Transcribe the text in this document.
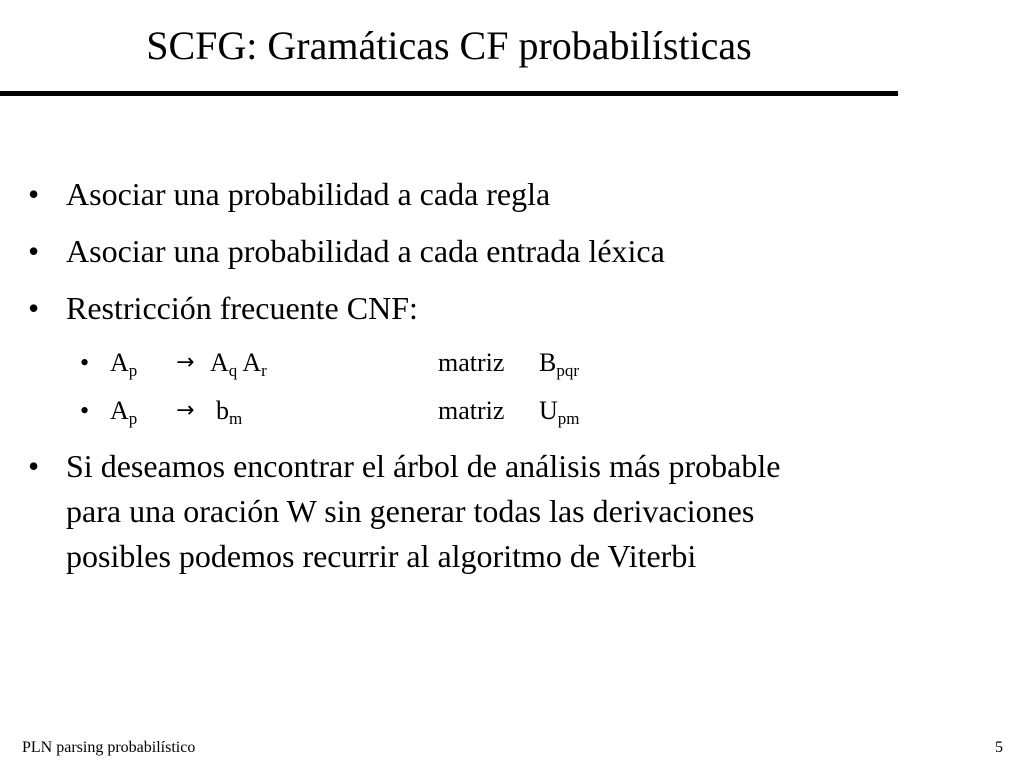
SCFG: Gramáticas CF probabilísticas
• Asociar una probabilidad a cada regla
• Asociar una probabilidad a cada entrada léxica
• Restricción frecuente CNF:
• $A_p \to A_q$ $A_r$	matriz $B_{pqr}$
• $A_p \to b_m$	matriz $U_{pm}$
• Si deseamos encontrar el árbol de análisis más probable
para una oración W sin generar todas las derivaciones
posibles podemos recurrir al algoritmo de Viterbi
PLN parsing probabilístico	5
